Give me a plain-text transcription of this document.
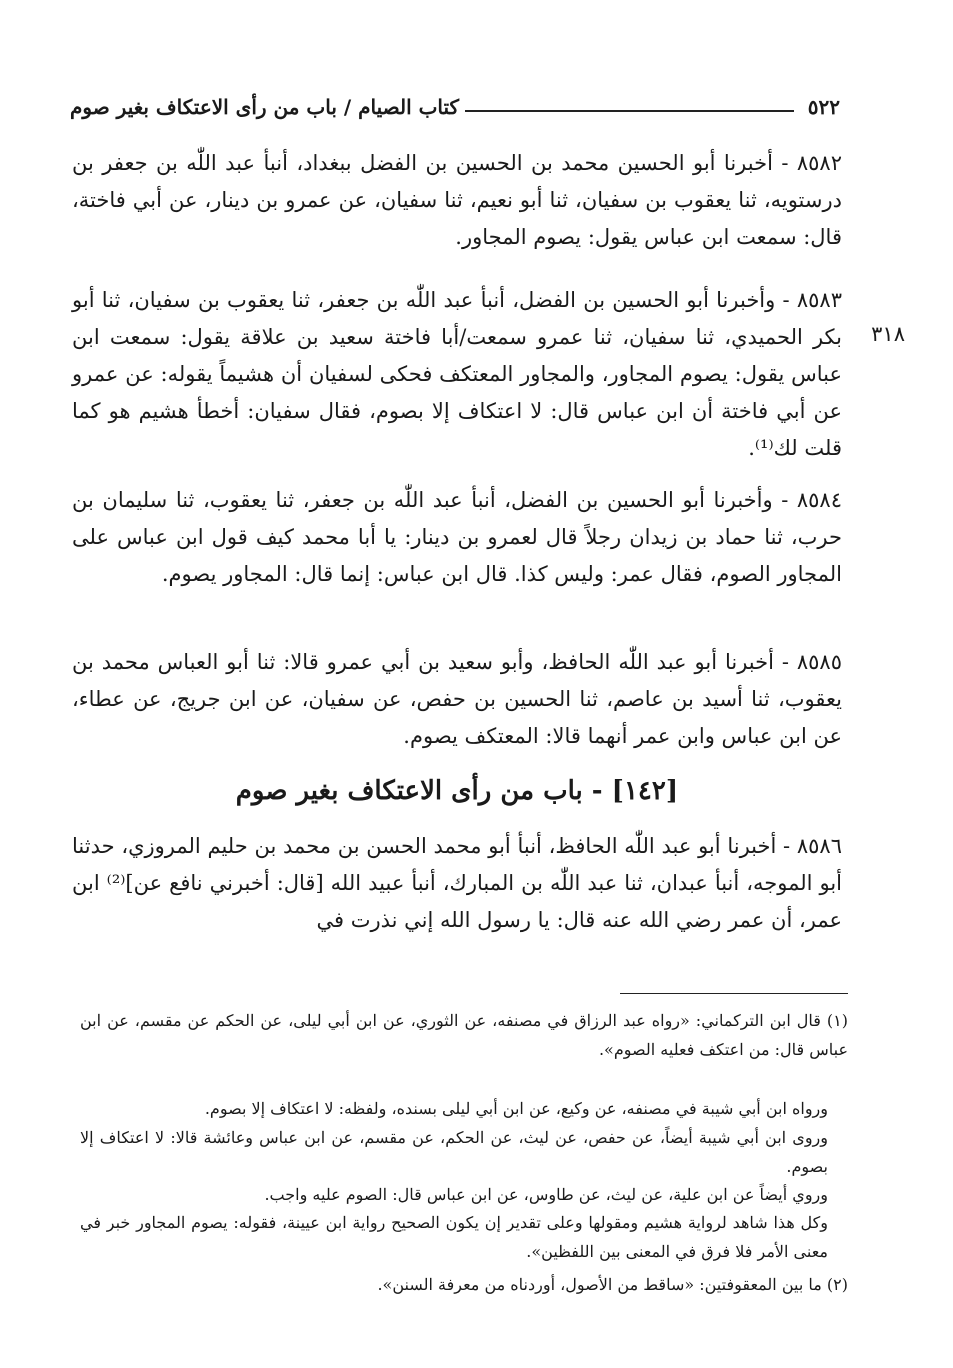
٥٢٢
كتاب الصيام / باب من رأى الاعتكاف بغير صوم
٣١٨

٨٥٨٢ - أخبرنا أبو الحسين محمد بن الحسين بن الفضل ببغداد، أنبأ عبد اللّٰه بن جعفر بن درستويه، ثنا يعقوب بن سفيان، ثنا أبو نعيم، ثنا سفيان، عن عمرو بن دينار، عن أبي فاختة، قال: سمعت ابن عباس يقول: يصوم المجاور.

٨٥٨٣ - وأخبرنا أبو الحسين بن الفضل، أنبأ عبد اللّٰه بن جعفر، ثنا يعقوب بن سفيان، ثنا أبو بكر الحميدي، ثنا سفيان، ثنا عمرو سمعت/أبا فاختة سعيد بن علاقة يقول: سمعت ابن عباس يقول: يصوم المجاور، والمجاور المعتكف فحكى لسفيان أن هشيماً يقوله: عن عمرو عن أبي فاختة أن ابن عباس قال: لا اعتكاف إلا بصوم، فقال سفيان: أخطأ هشيم هو كما قلت لك⁽¹⁾.

٨٥٨٤ - وأخبرنا أبو الحسين بن الفضل، أنبأ عبد اللّٰه بن جعفر، ثنا يعقوب، ثنا سليمان بن حرب، ثنا حماد بن زيدان رجلاً قال لعمرو بن دينار: يا أبا محمد كيف قول ابن عباس على المجاور الصوم، فقال عمر: وليس كذا. قال ابن عباس: إنما قال: المجاور يصوم.

٨٥٨٥ - أخبرنا أبو عبد اللّٰه الحافظ، وأبو سعيد بن أبي عمرو قالا: ثنا أبو العباس محمد بن يعقوب، ثنا أسيد بن عاصم، ثنا الحسين بن حفص، عن سفيان، عن ابن جريج، عن عطاء، عن ابن عباس وابن عمر أنهما قالا: المعتكف يصوم.

[١٤٢] - باب من رأى الاعتكاف بغير صوم

٨٥٨٦ - أخبرنا أبو عبد اللّٰه الحافظ، أنبأ أبو محمد الحسن بن محمد بن حليم المروزي، حدثنا أبو الموجه، أنبأ عبدان، ثنا عبد اللّٰه بن المبارك، أنبأ عبيد الله [قال: أخبرني نافع عن]⁽²⁾ ابن عمر، أن عمر رضي الله عنه قال: يا رسول الله إني نذرت في

(١) قال ابن التركماني: «رواه عبد الرزاق في مصنفه، عن الثوري، عن ابن أبي ليلى، عن الحكم عن مقسم، عن ابن عباس قال: من اعتكف فعليه الصوم».

ورواه ابن أبي شيبة في مصنفه، عن وكيع، عن ابن أبي ليلى بسنده، ولفظه: لا اعتكاف إلا بصوم.

وروى ابن أبي شيبة أيضاً، عن حفص، عن ليث، عن الحكم، عن مقسم، عن ابن عباس وعائشة قالا: لا اعتكاف إلا بصوم.

وروي أيضاً عن ابن علية، عن ليث، عن طاوس، عن ابن عباس قال: الصوم عليه واجب.

وكل هذا شاهد لرواية هشيم ومقولها وعلى تقدير إن يكون الصحيح رواية ابن عيينة، فقوله: يصوم المجاور خبر في معنى الأمر فلا فرق في المعنى بين اللفظين».

(٢) ما بين المعقوفتين: «ساقط من الأصول، أوردناه من معرفة السنن».
